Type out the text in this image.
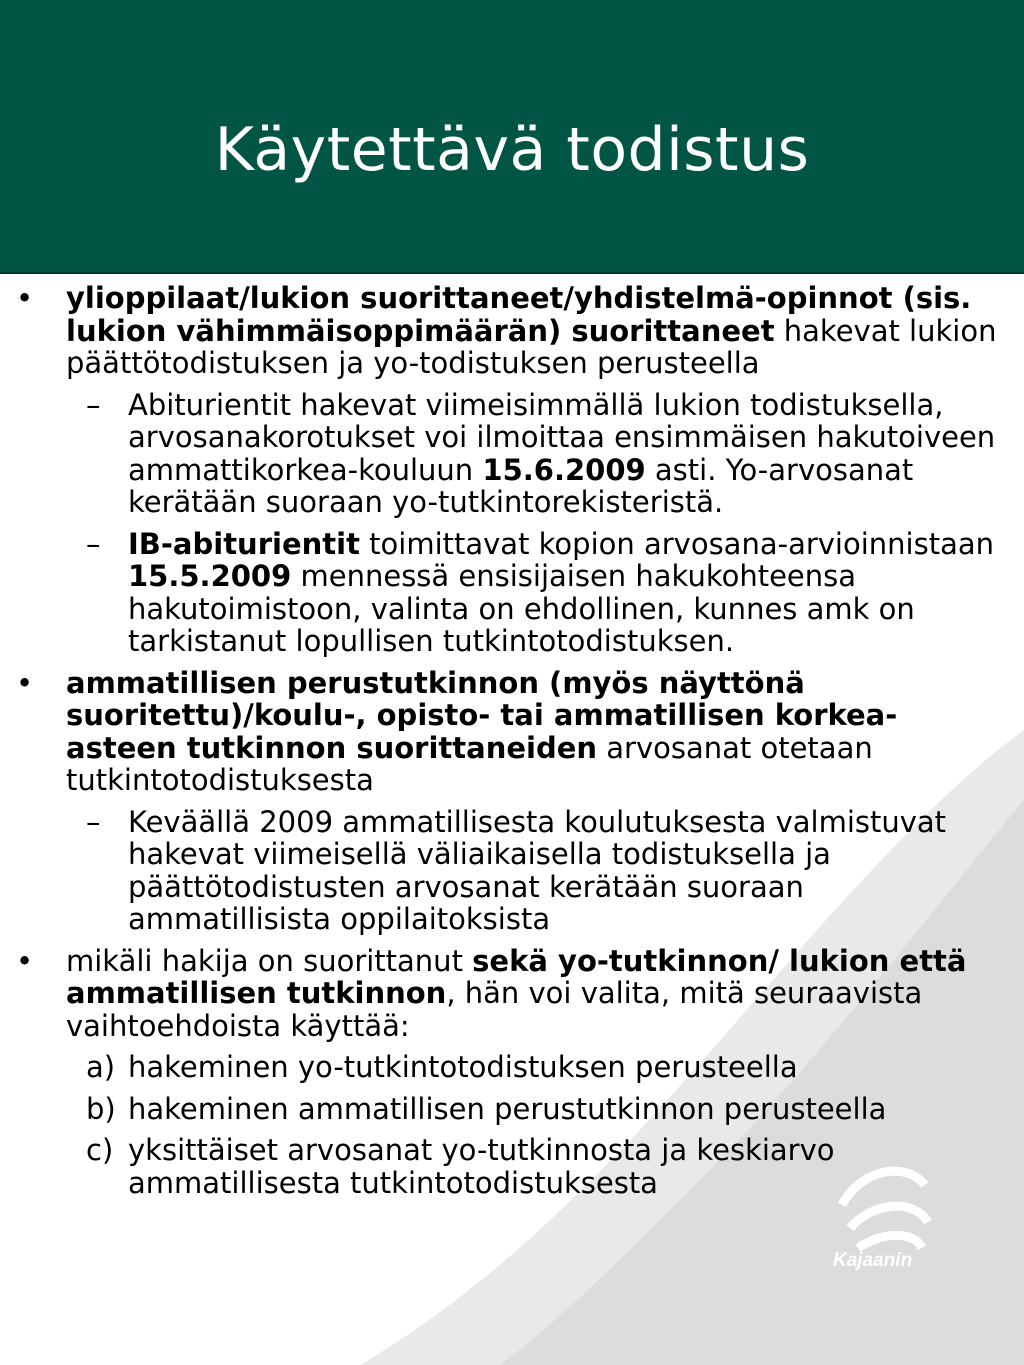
Käytettävä todistus
Kajaanin
• ylioppilaat/lukion suorittaneet/yhdistelmä-opinnot (sis. lukion vähimmäisoppimäärän) suorittaneet hakevat lukion päättötodistuksen ja yo-todistuksen perusteella
– Abiturientit hakevat viimeisimmällä lukion todistuksella, arvosanakorotukset voi ilmoittaa ensimmäisen hakutoiveen ammattikorkea-kouluun 15.6.2009 asti. Yo-arvosanat kerätään suoraan yo-tutkintorekisteristä.
– IB-abiturientit toimittavat kopion arvosana-arvioinnistaan 15.5.2009 mennessä ensisijaisen hakukohteensa hakutoimistoon, valinta on ehdollinen, kunnes amk on tarkistanut lopullisen tutkintotodistuksen.
• ammatillisen perustutkinnon (myös näyttönä suoritettu)/koulu-, opisto- tai ammatillisen korkea-asteen tutkinnon suorittaneiden arvosanat otetaan tutkintotodistuksesta
– Keväällä 2009 ammatillisesta koulutuksesta valmistuvat hakevat viimeisellä väliaikaisella todistuksella ja päättötodistusten arvosanat kerätään suoraan ammatillisista oppilaitoksista
• mikäli hakija on suorittanut sekä yo-tutkinnon/ lukion että ammatillisen tutkinnon, hän voi valita, mitä seuraavista vaihtoehdoista käyttää:
a) hakeminen yo-tutkintotodistuksen perusteella
b) hakeminen ammatillisen perustutkinnon perusteella
c) yksittäiset arvosanat yo-tutkinnosta ja keskiarvo ammatillisesta tutkintotodistuksesta
